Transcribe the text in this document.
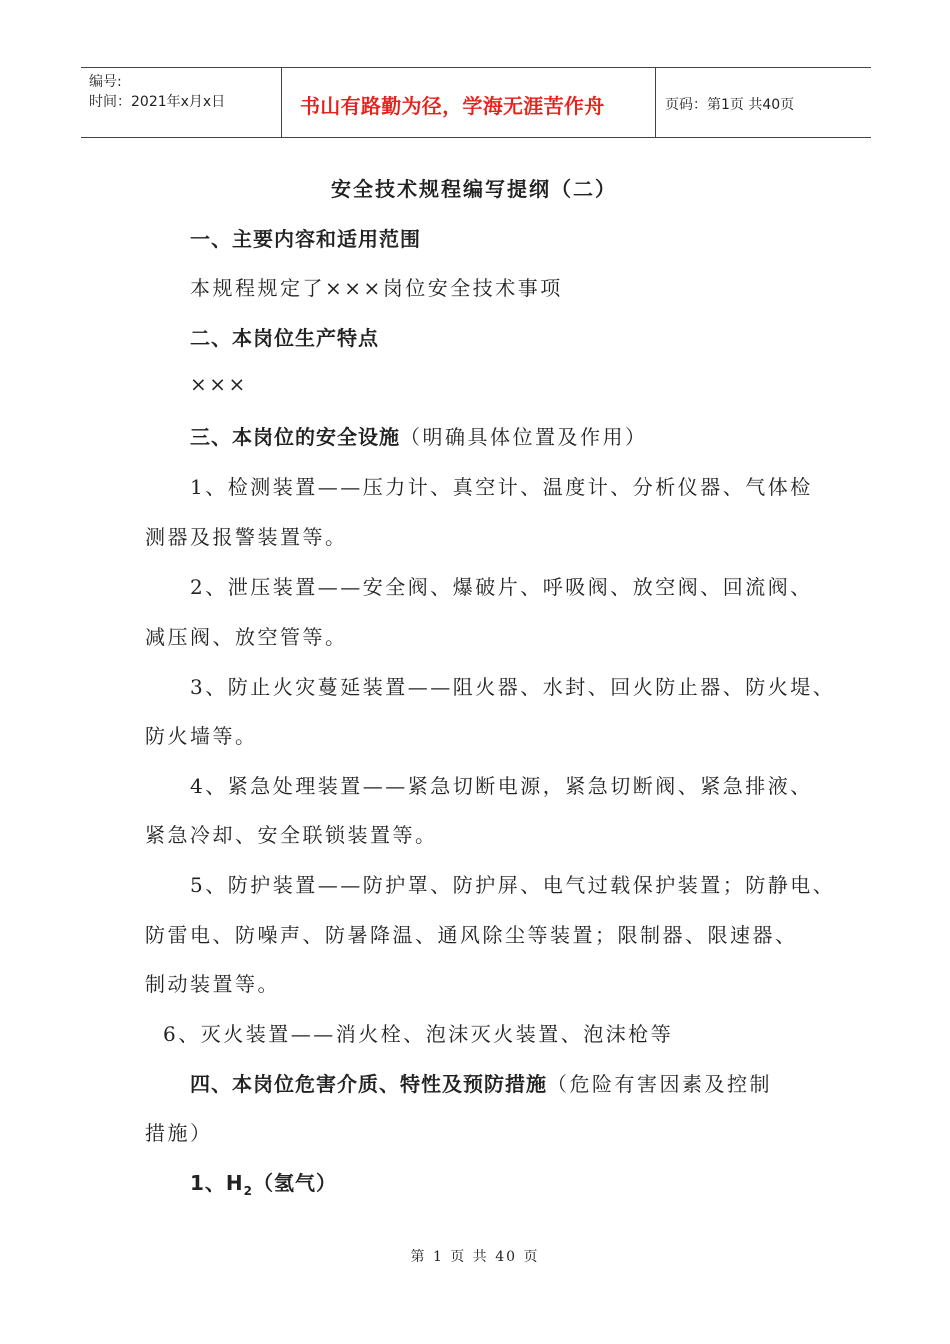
编号:
时间：2021年x月x日	书山有路勤为径，学海无涯苦作舟	页码：第1页 共40页
安全技术规程编写提纲（二）
一、主要内容和适用范围
本规程规定了×××岗位安全技术事项
二、本岗位生产特点
×××
三、本岗位的安全设施（明确具体位置及作用）
1、检测装置——压力计、真空计、温度计、分析仪器、气体检
测器及报警装置等。
2、泄压装置——安全阀、爆破片、呼吸阀、放空阀、回流阀、
减压阀、放空管等。
3、防止火灾蔓延装置——阻火器、水封、回火防止器、防火堤、
防火墙等。
4、紧急处理装置——紧急切断电源，紧急切断阀、紧急排液、
紧急冷却、安全联锁装置等。
5、防护装置——防护罩、防护屏、电气过载保护装置；防静电、
防雷电、防噪声、防暑降温、通风除尘等装置；限制器、限速器、
制动装置等。
6、灭火装置——消火栓、泡沫灭火装置、泡沫枪等
四、本岗位危害介质、特性及预防措施（危险有害因素及控制
措施）
1、$H_2$（氢气）
第 1 页 共 40 页
